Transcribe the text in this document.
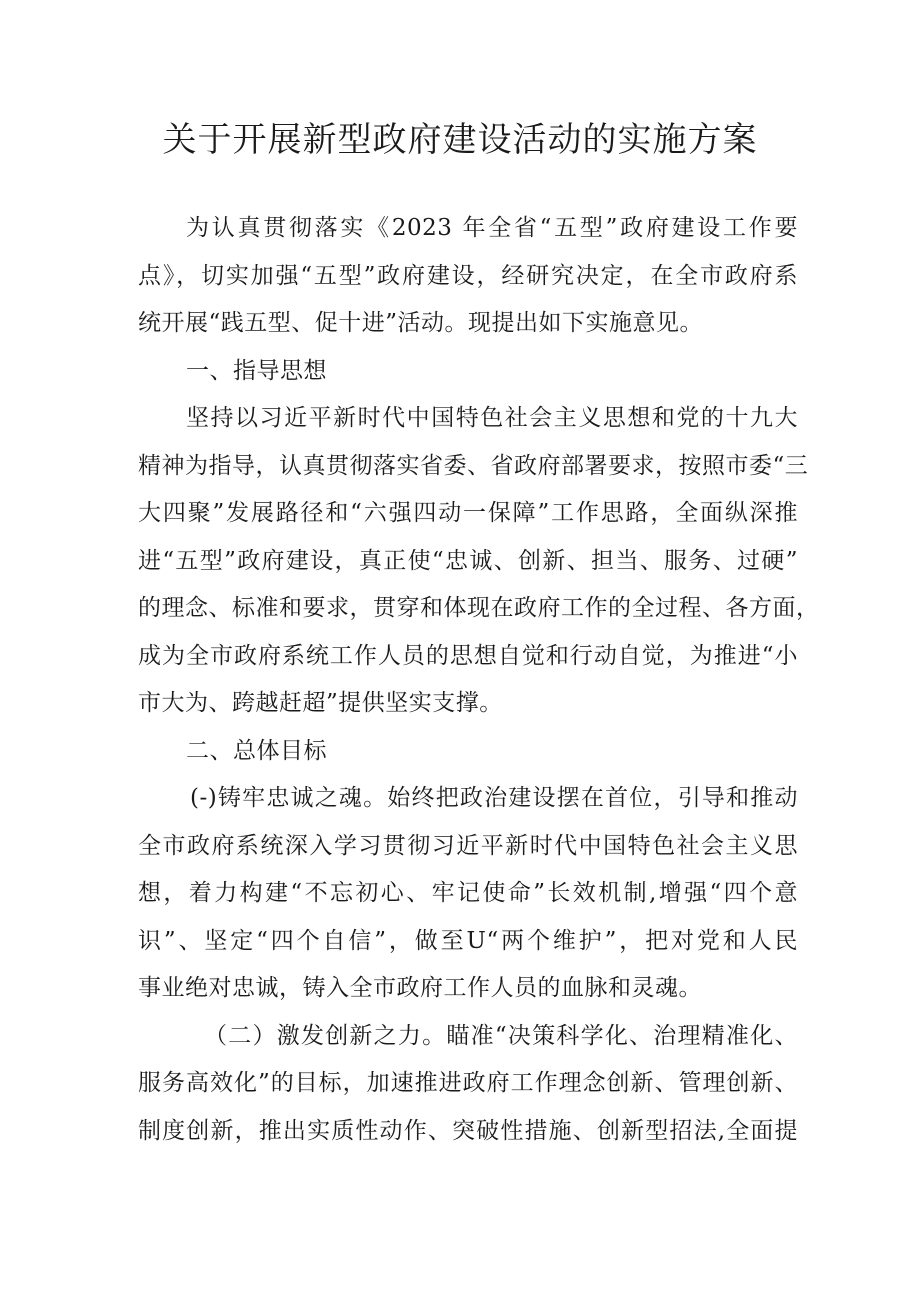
关于开展新型政府建设活动的实施方案
为认真贯彻落实《2023 年全省“五型”政府建设工作要
点》，切实加强“五型”政府建设，经研究决定，在全市政府系
统开展“践五型、促十进”活动。现提出如下实施意见。
一、指导思想
坚持以习近平新时代中国特色社会主义思想和党的十九大
精神为指导，认真贯彻落实省委、省政府部署要求，按照市委“三
大四聚”发展路径和“六强四动一保障”工作思路，全面纵深推
进“五型”政府建设，真正使“忠诚、创新、担当、服务、过硬”
的理念、标准和要求，贯穿和体现在政府工作的全过程、各方面，
成为全市政府系统工作人员的思想自觉和行动自觉，为推进“小
市大为、跨越赶超”提供坚实支撑。
二、总体目标
(-)铸牢忠诚之魂。始终把政治建设摆在首位，引导和推动
全市政府系统深入学习贯彻习近平新时代中国特色社会主义思
想，着力构建“不忘初心、牢记使命”长效机制,增强“四个意
识”、坚定“四个自信”，做至U“两个维护”，把对党和人民
事业绝对忠诚，铸入全市政府工作人员的血脉和灵魂。
（二）激发创新之力。瞄准“决策科学化、治理精准化、
服务高效化”的目标，加速推进政府工作理念创新、管理创新、
制度创新，推出实质性动作、突破性措施、创新型招法,全面提
